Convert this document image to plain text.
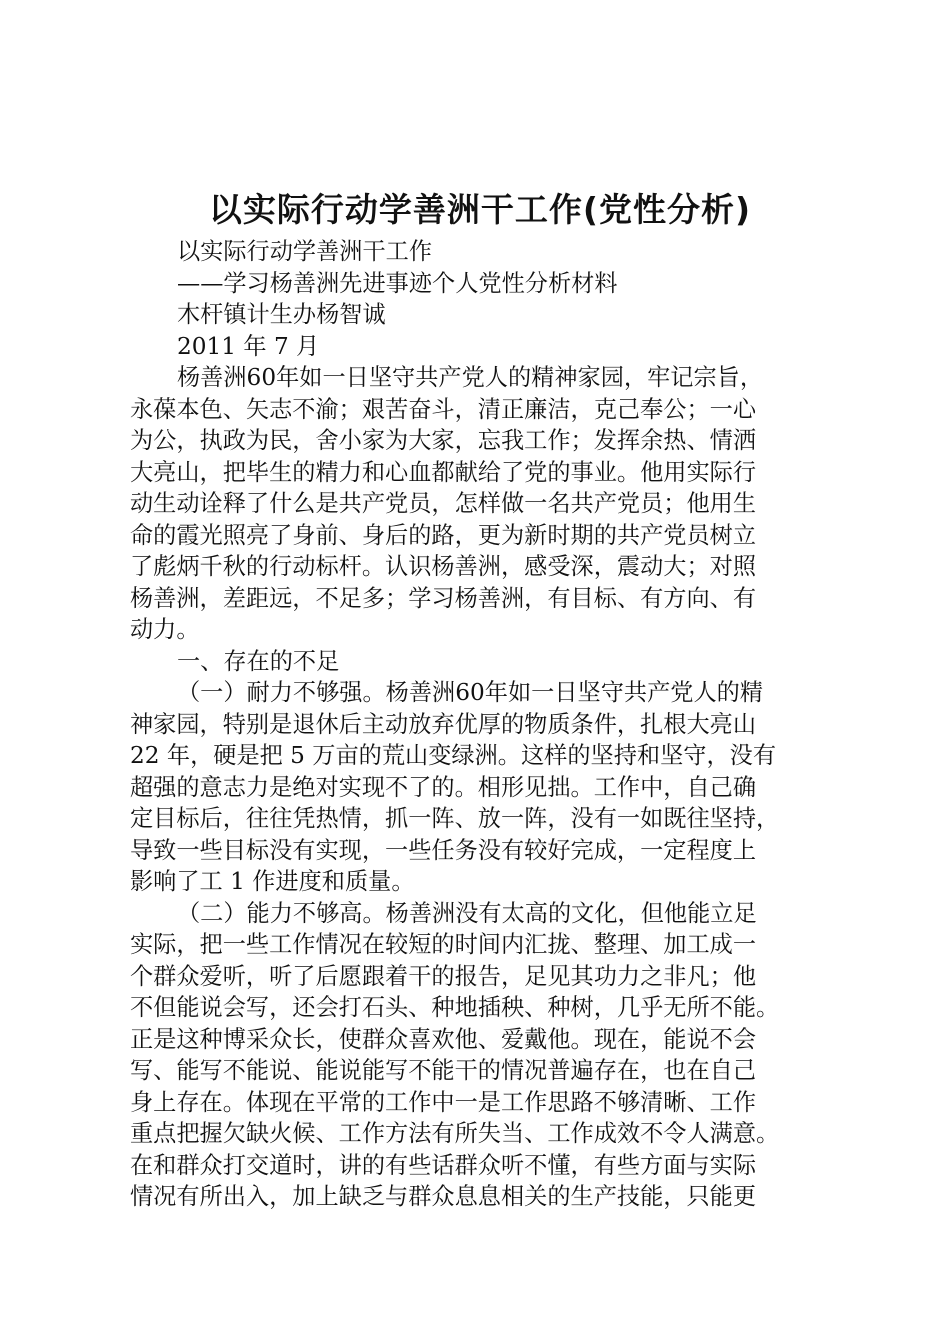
以实际行动学善洲干工作(党性分析)
以实际行动学善洲干工作
——学习杨善洲先进事迹个人党性分析材料
木杆镇计生办杨智诚
2011 年 7 月
杨善洲60年如一日坚守共产党人的精神家园，牢记宗旨，
永葆本色、矢志不渝；艰苦奋斗，清正廉洁，克己奉公；一心
为公，执政为民，舍小家为大家，忘我工作；发挥余热、情洒
大亮山，把毕生的精力和心血都献给了党的事业。他用实际行
动生动诠释了什么是共产党员，怎样做一名共产党员；他用生
命的霞光照亮了身前、身后的路，更为新时期的共产党员树立
了彪炳千秋的行动标杆。认识杨善洲，感受深，震动大；对照
杨善洲，差距远，不足多；学习杨善洲，有目标、有方向、有
动力。
一、存在的不足
（一）耐力不够强。杨善洲60年如一日坚守共产党人的精
神家园，特别是退休后主动放弃优厚的物质条件，扎根大亮山
22 年，硬是把 5 万亩的荒山变绿洲。这样的坚持和坚守，没有
超强的意志力是绝对实现不了的。相形见拙。工作中，自己确
定目标后，往往凭热情，抓一阵、放一阵，没有一如既往坚持，
导致一些目标没有实现，一些任务没有较好完成，一定程度上
影响了工 1 作进度和质量。
（二）能力不够高。杨善洲没有太高的文化，但他能立足
实际，把一些工作情况在较短的时间内汇拢、整理、加工成一
个群众爱听，听了后愿跟着干的报告，足见其功力之非凡；他
不但能说会写，还会打石头、种地插秧、种树，几乎无所不能。
正是这种博采众长，使群众喜欢他、爱戴他。现在，能说不会
写、能写不能说、能说能写不能干的情况普遍存在，也在自己
身上存在。体现在平常的工作中一是工作思路不够清晰、工作
重点把握欠缺火候、工作方法有所失当、工作成效不令人满意。
在和群众打交道时，讲的有些话群众听不懂，有些方面与实际
情况有所出入，加上缺乏与群众息息相关的生产技能，只能更
